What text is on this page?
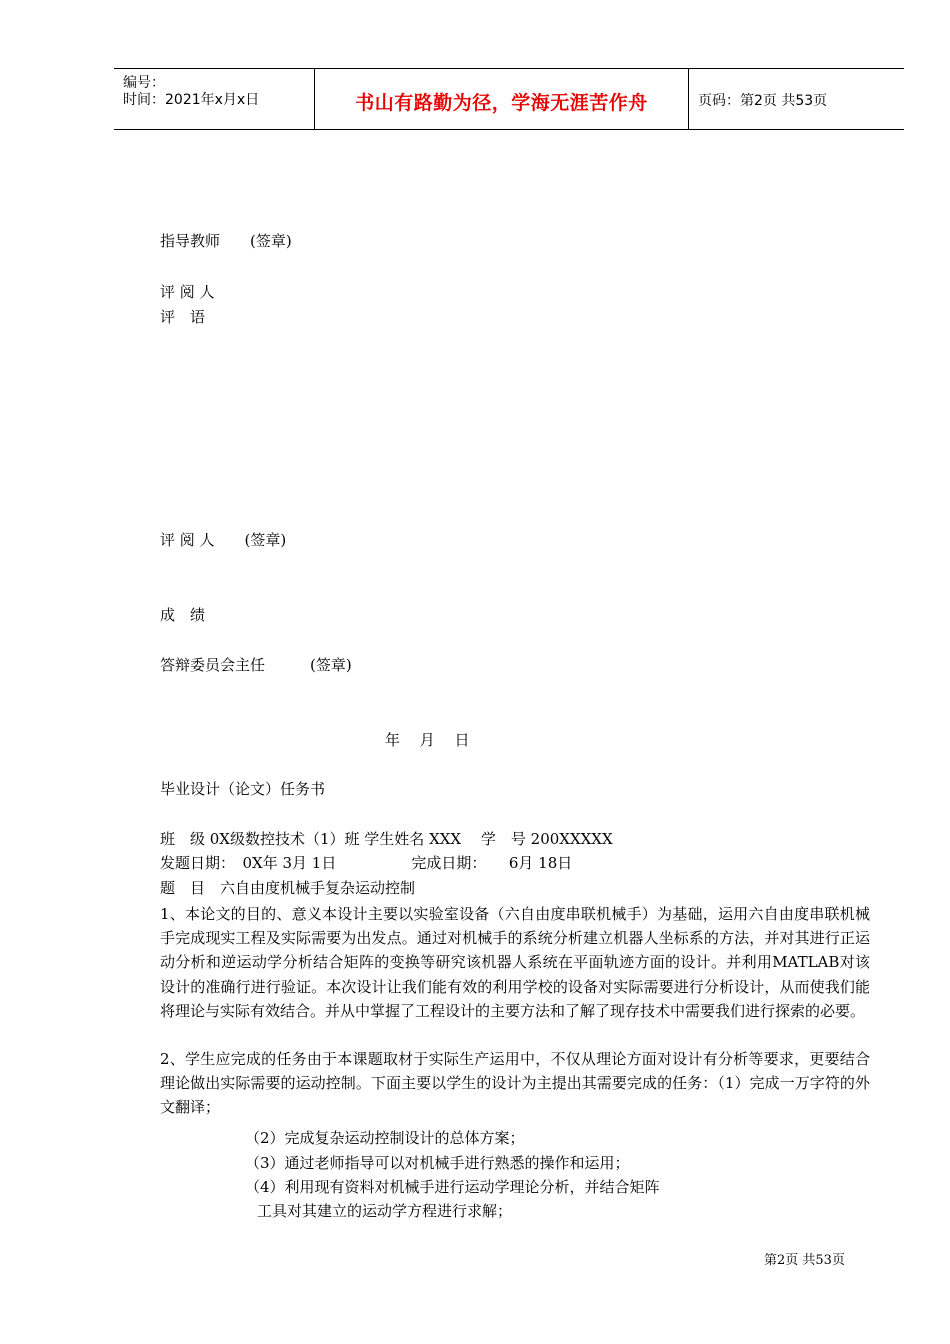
编号：
时间：2021年x月x日	书山有路勤为径，学海无涯苦作舟	页码：第2页 共53页
指导教师　　(签章)
评 阅 人
评　语
评 阅 人　　(签章)
成　绩
答辩委员会主任　　　(签章)
年　 月　 日
毕业设计（论文）任务书
班　级 0X级数控技术（1）班 学生姓名 XXX　 学　号 200XXXXX
发题日期：　0X年 3月 1日　　　　　完成日期：　　6月 18日
题　目　六自由度机械手复杂运动控制
1、本论文的目的、意义本设计主要以实验室设备（六自由度串联机械手）为基础，运用六自由度串联机械手完成现实工程及实际需要为出发点。通过对机械手的系统分析建立机器人坐标系的方法，并对其进行正运动分析和逆运动学分析结合矩阵的变换等研究该机器人系统在平面轨迹方面的设计。并利用MATLAB对该设计的准确行进行验证。本次设计让我们能有效的利用学校的设备对实际需要进行分析设计，从而使我们能将理论与实际有效结合。并从中掌握了工程设计的主要方法和了解了现存技术中需要我们进行探索的必要。
2、学生应完成的任务由于本课题取材于实际生产运用中，不仅从理论方面对设计有分析等要求，更要结合理论做出实际需要的运动控制。下面主要以学生的设计为主提出其需要完成的任务：（1）完成一万字符的外文翻译；
（2）完成复杂运动控制设计的总体方案；
（3）通过老师指导可以对机械手进行熟悉的操作和运用；
（4）利用现有资料对机械手进行运动学理论分析，并结合矩阵
工具对其建立的运动学方程进行求解；
第2页 共53页
